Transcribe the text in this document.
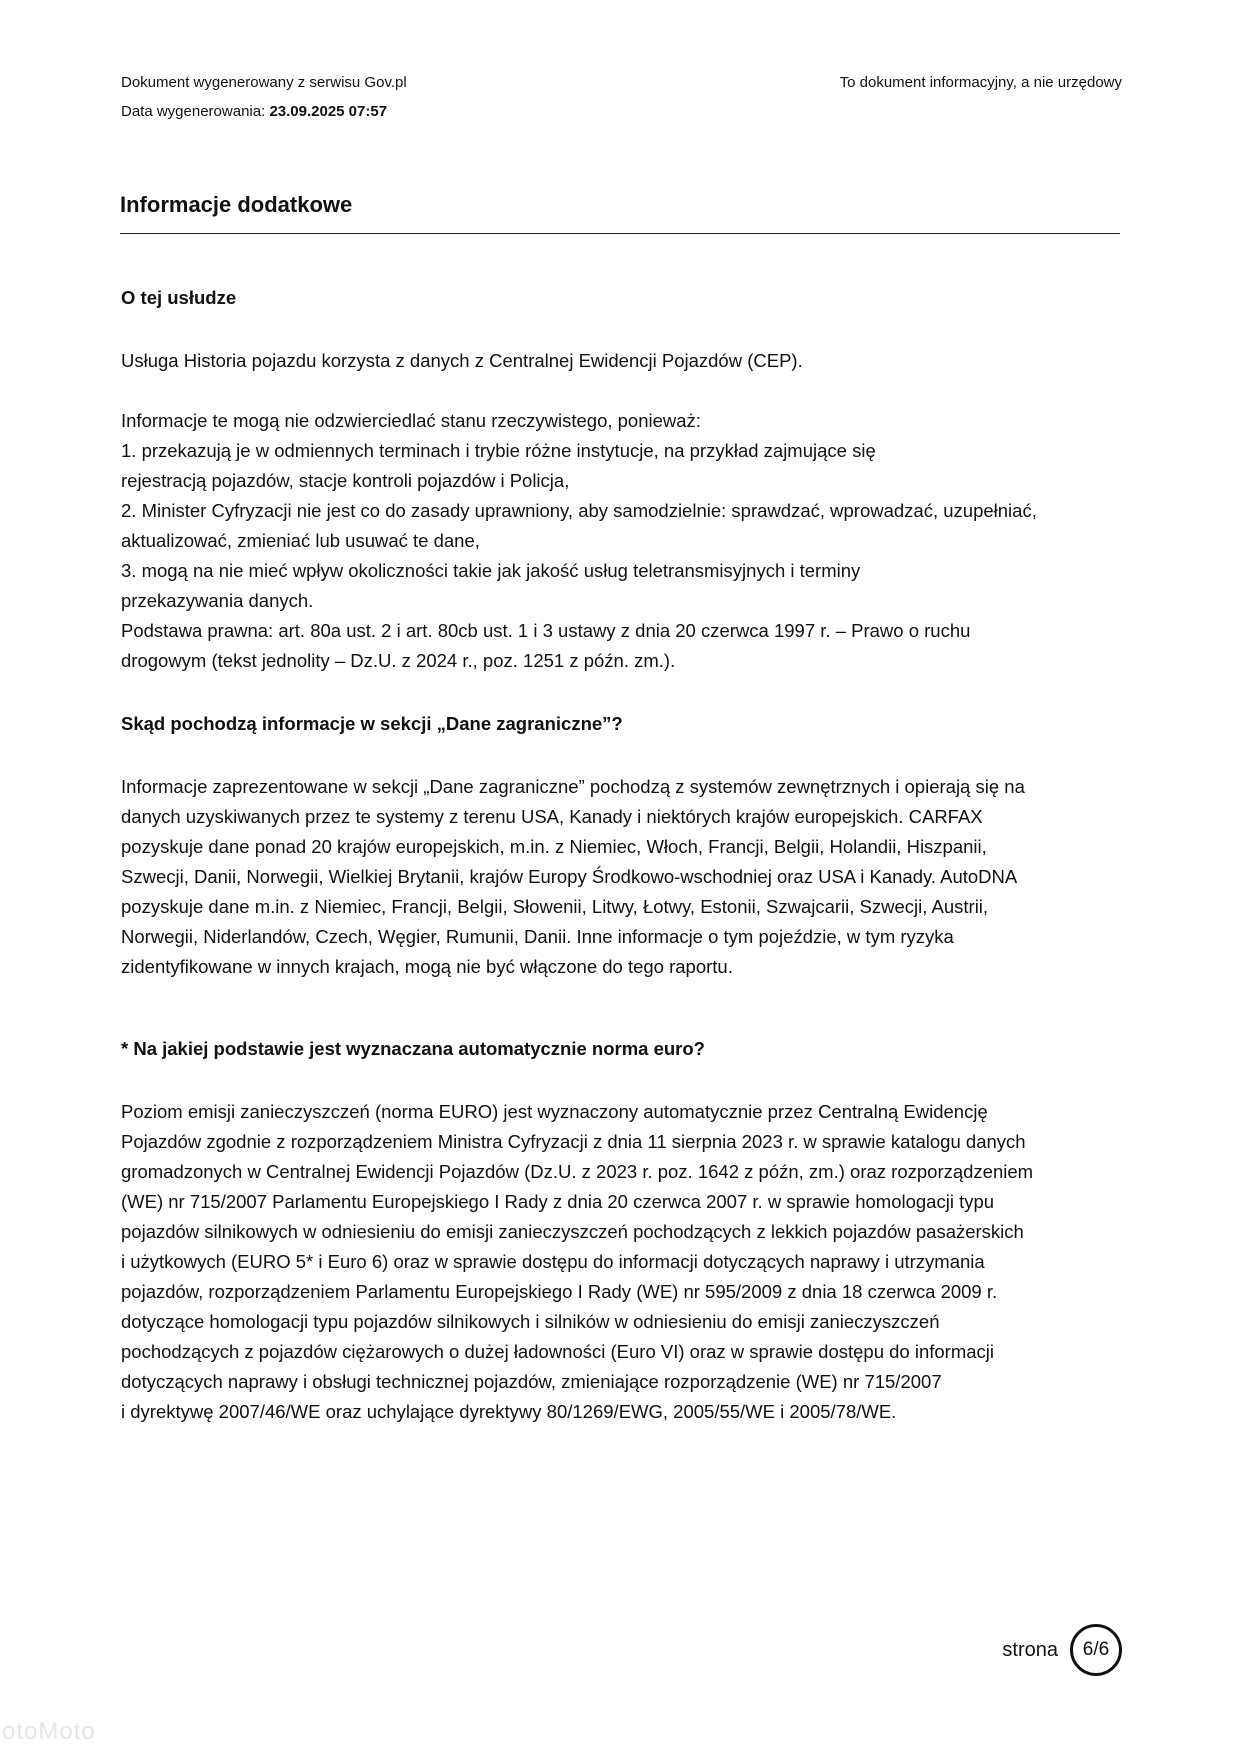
Dokument wygenerowany z serwisu Gov.pl
Data wygenerowania: 23.09.2025 07:57
To dokument informacyjny, a nie urzędowy
Informacje dodatkowe
O tej usłudze

Usługa Historia pojazdu korzysta z danych z Centralnej Ewidencji Pojazdów (CEP).

Informacje te mogą nie odzwierciedlać stanu rzeczywistego, ponieważ:
1. przekazują je w odmiennych terminach i trybie różne instytucje, na przykład zajmujące się
rejestracją pojazdów, stacje kontroli pojazdów i Policja,
2. Minister Cyfryzacji nie jest co do zasady uprawniony, aby samodzielnie: sprawdzać, wprowadzać, uzupełniać,
aktualizować, zmieniać lub usuwać te dane,
3. mogą na nie mieć wpływ okoliczności takie jak jakość usług teletransmisyjnych i terminy
przekazywania danych.
Podstawa prawna: art. 80a ust. 2 i art. 80cb ust. 1 i 3 ustawy z dnia 20 czerwca 1997 r. – Prawo o ruchu
drogowym (tekst jednolity – Dz.U. z 2024 r., poz. 1251 z późn. zm.).

Skąd pochodzą informacje w sekcji „Dane zagraniczne”?

Informacje zaprezentowane w sekcji „Dane zagraniczne” pochodzą z systemów zewnętrznych i opierają się na
danych uzyskiwanych przez te systemy z terenu USA, Kanady i niektórych krajów europejskich. CARFAX
pozyskuje dane ponad 20 krajów europejskich, m.in. z Niemiec, Włoch, Francji, Belgii, Holandii, Hiszpanii,
Szwecji, Danii, Norwegii, Wielkiej Brytanii, krajów Europy Środkowo-wschodniej oraz USA i Kanady. AutoDNA
pozyskuje dane m.in. z Niemiec, Francji, Belgii, Słowenii, Litwy, Łotwy, Estonii, Szwajcarii, Szwecji, Austrii,
Norwegii, Niderlandów, Czech, Węgier, Rumunii, Danii. Inne informacje o tym pojeździe, w tym ryzyka
zidentyfikowane w innych krajach, mogą nie być włączone do tego raportu.

* Na jakiej podstawie jest wyznaczana automatycznie norma euro?

Poziom emisji zanieczyszczeń (norma EURO) jest wyznaczony automatycznie przez Centralną Ewidencję
Pojazdów zgodnie z rozporządzeniem Ministra Cyfryzacji z dnia 11 sierpnia 2023 r. w sprawie katalogu danych
gromadzonych w Centralnej Ewidencji Pojazdów (Dz.U. z 2023 r. poz. 1642 z późn, zm.) oraz rozporządzeniem
(WE) nr 715/2007 Parlamentu Europejskiego I Rady z dnia 20 czerwca 2007 r. w sprawie homologacji typu
pojazdów silnikowych w odniesieniu do emisji zanieczyszczeń pochodzących z lekkich pojazdów pasażerskich
i użytkowych (EURO 5* i Euro 6) oraz w sprawie dostępu do informacji dotyczących naprawy i utrzymania
pojazdów, rozporządzeniem Parlamentu Europejskiego I Rady (WE) nr 595/2009 z dnia 18 czerwca 2009 r.
dotyczące homologacji typu pojazdów silnikowych i silników w odniesieniu do emisji zanieczyszczeń
pochodzących z pojazdów ciężarowych o dużej ładowności (Euro VI) oraz w sprawie dostępu do informacji
dotyczących naprawy i obsługi technicznej pojazdów, zmieniające rozporządzenie (WE) nr 715/2007
i dyrektywę 2007/46/WE oraz uchylające dyrektywy 80/1269/EWG, 2005/55/WE i 2005/78/WE.

strona 6/6
otoMoto
